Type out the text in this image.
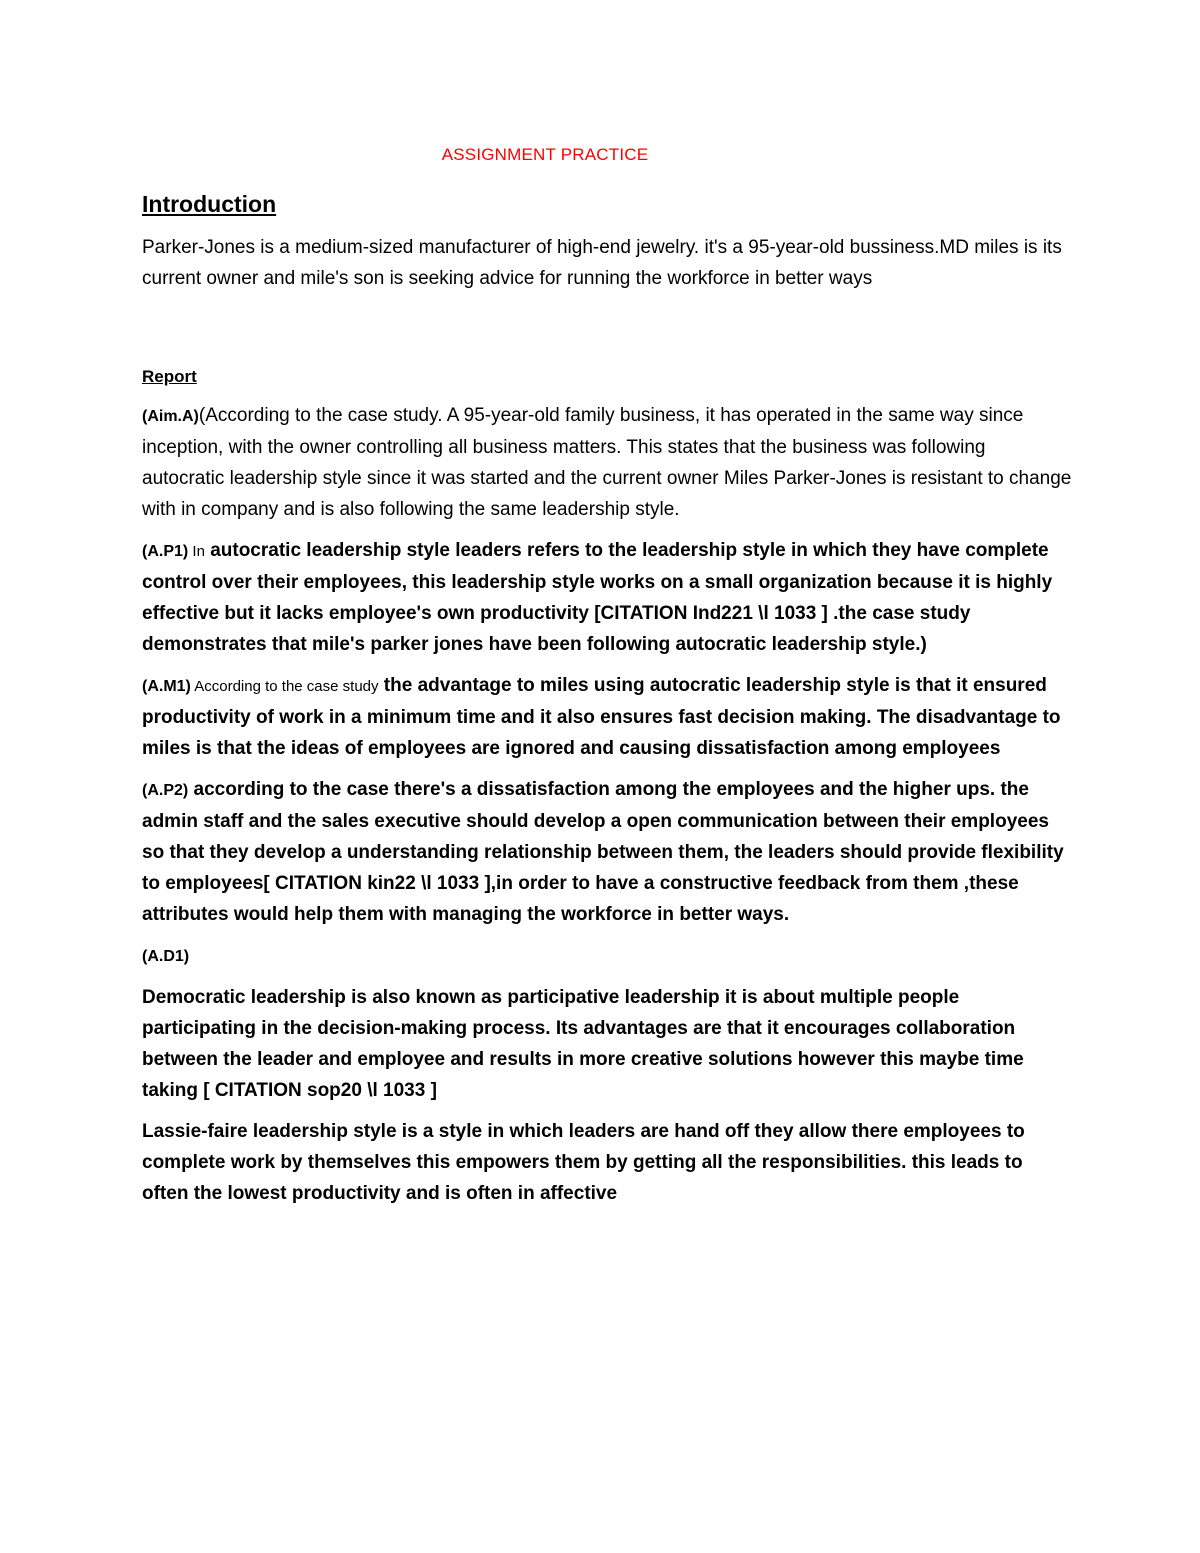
ASSIGNMENT PRACTICE
Introduction

Parker-Jones is a medium-sized manufacturer of high-end jewelry. it's a 95-year-old bussiness.MD miles is its current owner and mile's son is seeking advice for running the workforce in better ways

Report

(Aim.A)(According to the case study. A 95-year-old family business, it has operated in the same way since inception, with the owner controlling all business matters. This states that the business was following autocratic leadership style since it was started and the current owner Miles Parker-Jones is resistant to change with in company and is also following the same leadership style.

(A.P1) In autocratic leadership style leaders refers to the leadership style in which they have complete control over their employees, this leadership style works on a small organization because it is highly effective but it lacks employee's own productivity [CITATION Ind221 \l 1033 ] .the case study demonstrates that mile's parker jones have been following autocratic leadership style.)

(A.M1) According to the case study the advantage to miles using autocratic leadership style is that it ensured productivity of work in a minimum time and it also ensures fast decision making. The disadvantage to miles is that the ideas of employees are ignored and causing dissatisfaction among employees

(A.P2) according to the case there's a dissatisfaction among the employees and the higher ups. the admin staff and the sales executive should develop a open communication between their employees so that they develop a understanding relationship between them, the leaders should provide flexibility to employees[ CITATION kin22 \l 1033 ],in order to have a constructive feedback from them ,these attributes would help them with managing the workforce in better ways.

(A.D1)

Democratic leadership is also known as participative leadership it is about multiple people participating in the decision-making process. Its advantages are that it encourages collaboration between the leader and employee and results in more creative solutions however this maybe time taking [ CITATION sop20 \l 1033 ]

Lassie-faire leadership style is a style in which leaders are hand off they allow there employees to complete work by themselves this empowers them by getting all the responsibilities. this leads to often the lowest productivity and is often in affective
